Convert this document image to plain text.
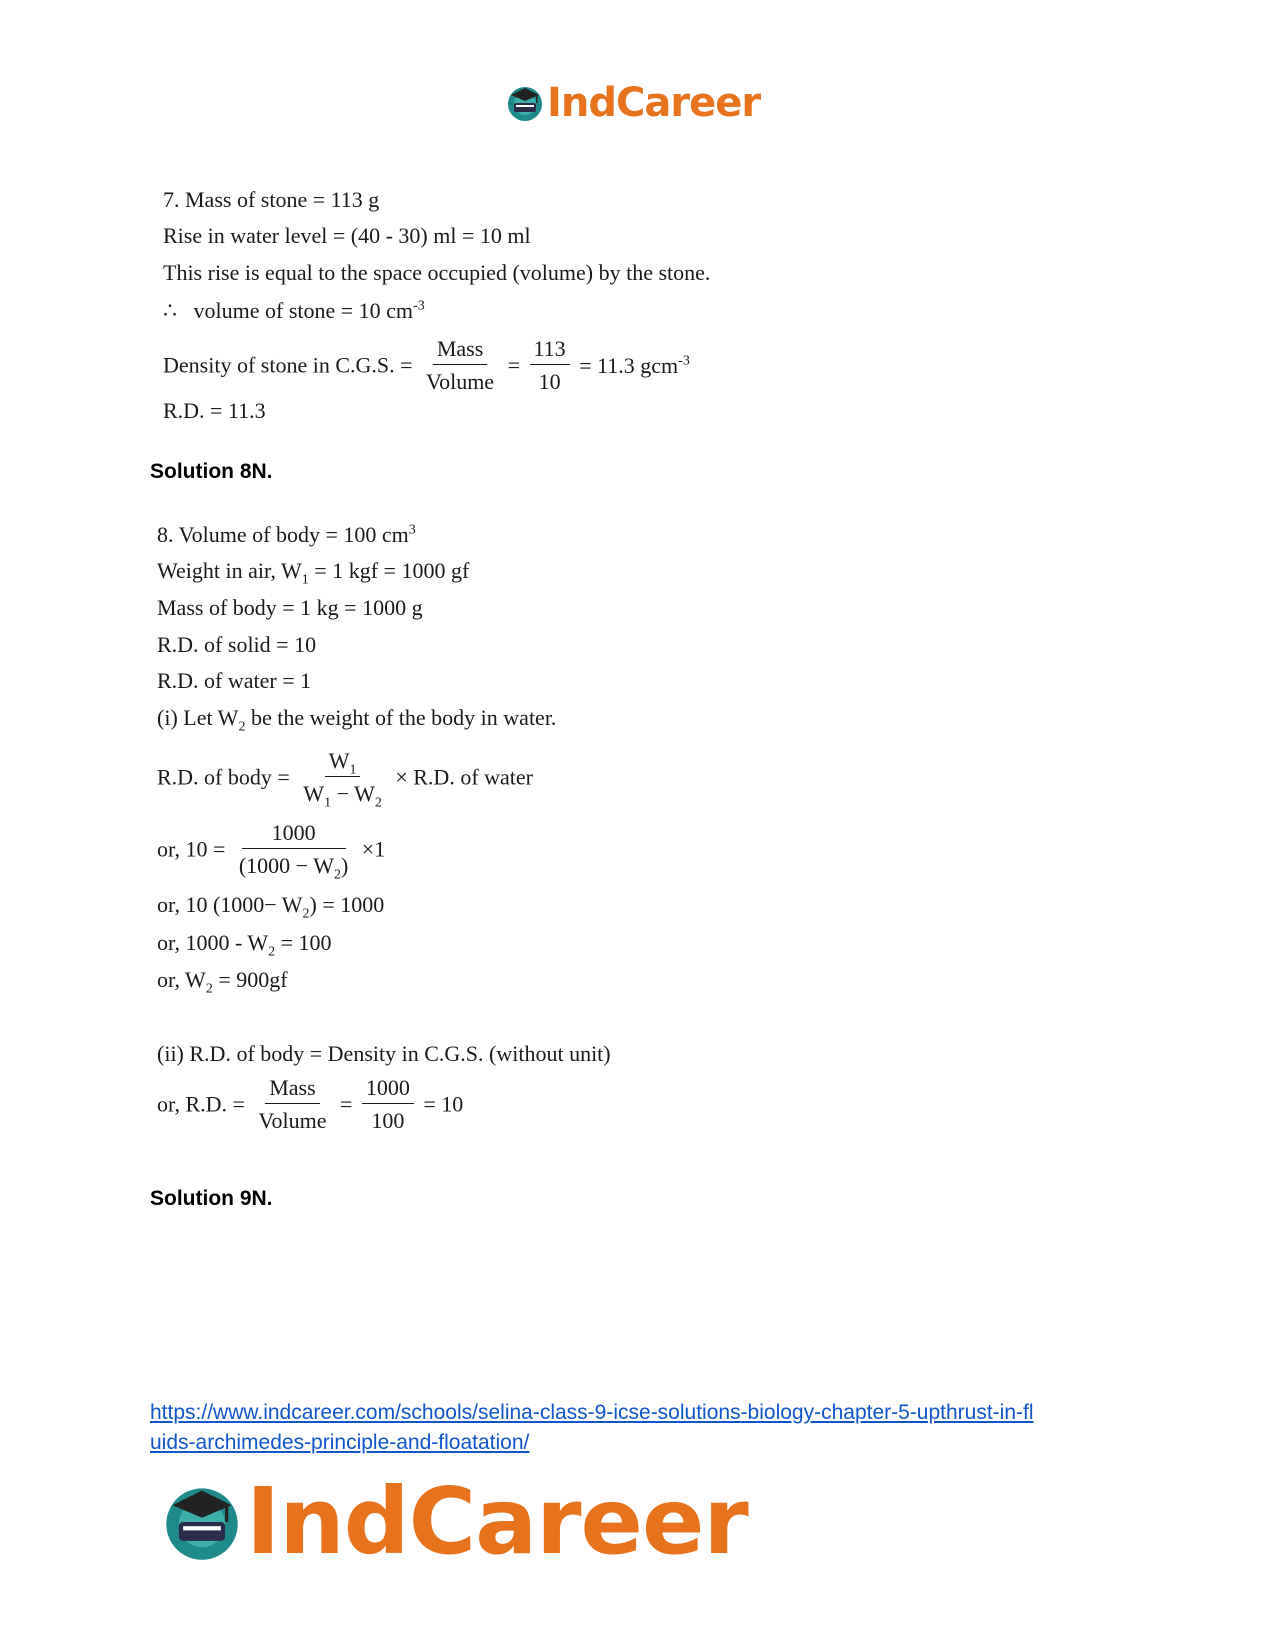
IndCareer
7. Mass of stone = 113 g
Rise in water level = (40 - 30) ml = 10 ml
This rise is equal to the space occupied (volume) by the stone.
∴ volume of stone = 10 $cm^{-3}$
Density of stone in C.G.S. = $\frac{\text{Mass}}{\text{Volume}} = \frac{113}{10} = 11.3$ gcm$^{-3}$
R.D. = 11.3
Solution 8N.
8. Volume of body = 100 $cm^3$
Weight in air, $W_1 = 1$ kgf = 1000 gf
Mass of body = 1 kg = 1000 g
R.D. of solid = 10
R.D. of water = 1
(i) Let $W_2$ be the weight of the body in water.
R.D. of body = $\frac{W_1}{W_1 - W_2} \times R.D$. of water
or, $10 = \frac{1000}{(1000 - W_2)} \times 1$
or, 10 $(1000- W_2) = 1000$
or, $1000 - W_2 = 100$
or, $W_2 = 900gf$
(ii) R.D. of body = Density in C.G.S. (without unit)
or, R.D. = $\frac{\text{Mass}}{\text{Volume}} = \frac{1000}{100} = 10$
Solution 9N.
https://www.indcareer.com/schools/selina-class-9-icse-solutions-biology-chapter-5-upthrust-in-fl
uids-archimedes-principle-and-floatation/
IndCareer
